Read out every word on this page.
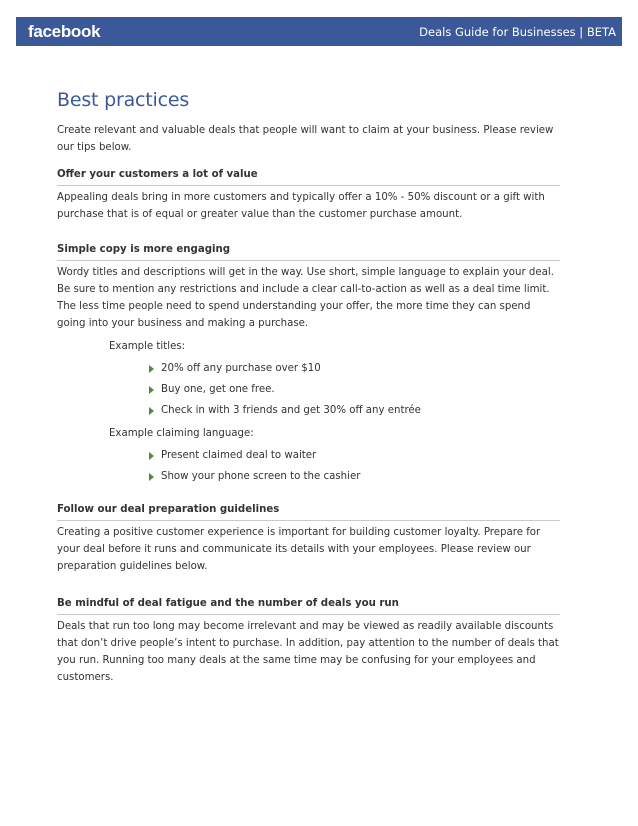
facebook	Deals Guide for Businesses | BETA
Best practices

Create relevant and valuable deals that people will want to claim at your business. Please review our tips below.

Offer your customers a lot of value

Appealing deals bring in more customers and typically offer a 10% - 50% discount or a gift with purchase that is of equal or greater value than the customer purchase amount.

Simple copy is more engaging

Wordy titles and descriptions will get in the way. Use short, simple language to explain your deal. Be sure to mention any restrictions and include a clear call-to-action as well as a deal time limit. The less time people need to spend understanding your offer, the more time they can spend going into your business and making a purchase.

Example titles:
20% off any purchase over $10
Buy one, get one free.
Check in with 3 friends and get 30% off any entrée
Example claiming language:
Present claimed deal to waiter
Show your phone screen to the cashier
Follow our deal preparation guidelines

Creating a positive customer experience is important for building customer loyalty. Prepare for your deal before it runs and communicate its details with your employees. Please review our preparation guidelines below.

Be mindful of deal fatigue and the number of deals you run

Deals that run too long may become irrelevant and may be viewed as readily available discounts that don’t drive people’s intent to purchase. In addition, pay attention to the number of deals that you run. Running too many deals at the same time may be confusing for your employees and customers.
